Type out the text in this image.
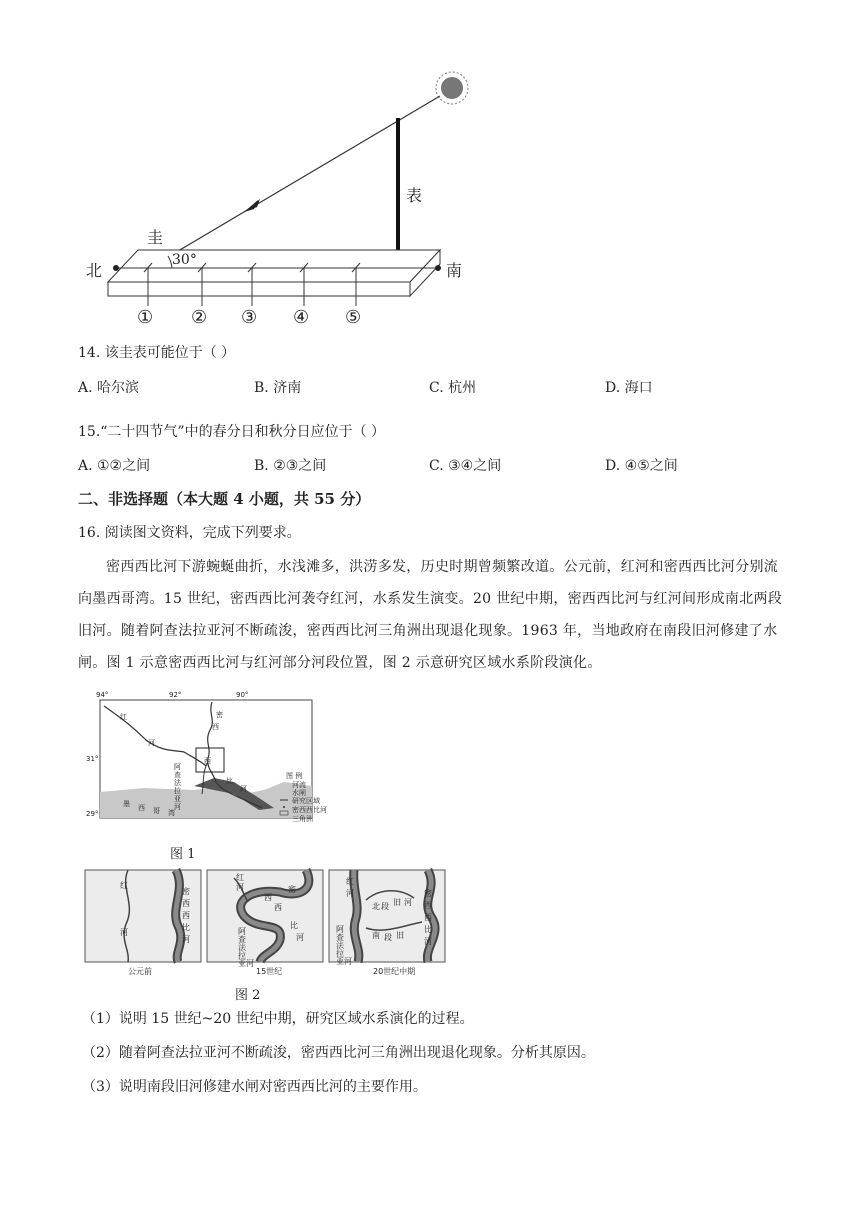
北	南
圭
表
30°
① ② ③ ④ ⑤
14. 该圭表可能位于（ ）
A. 哈尔滨	B. 济南	C. 杭州	D. 海口
15.“二十四节气”中的春分日和秋分日应位于（ ）
A. ①②之间	B. ②③之间	C. ③④之间	D. ④⑤之间
二、非选择题（本大题 4 小题，共 55 分）
16. 阅读图文资料，完成下列要求。
密西西比河下游蜿蜒曲折，水浅滩多，洪涝多发，历史时期曾频繁改道。公元前，红河和密西西比河分别流向墨西哥湾。15 世纪，密西西比河袭夺红河，水系发生演变。20 世纪中期，密西西比河与红河间形成南北两段旧河。随着阿查法拉亚河不断疏浚，密西西比河三角洲出现退化现象。1963 年，当地政府在南段旧河修建了水闸。图 1 示意密西西比河与红河部分河段位置，图 2 示意研究区域水系阶段演化。
94°	92°	90°
31°
29°
红
河
密
西
西
比
河
阿
查
法
拉
亚
河
墨 西 哥 湾
图 例
河流
水闸
研究区域
密西西比河三角洲
图 1
红
河
密
西
西
比
河
红
河	密
西
西
比
河
阿
查
法
拉
亚 河
红
河
北 段 旧 河
南 段 旧
密
西
西
比
河
阿
查
法
拉
亚 河
公元前	15世纪	20世纪中期
图 2
（1）说明 15 世纪~20 世纪中期，研究区域水系演化的过程。
（2）随着阿查法拉亚河不断疏浚，密西西比河三角洲出现退化现象。分析其原因。
（3）说明南段旧河修建水闸对密西西比河的主要作用。
